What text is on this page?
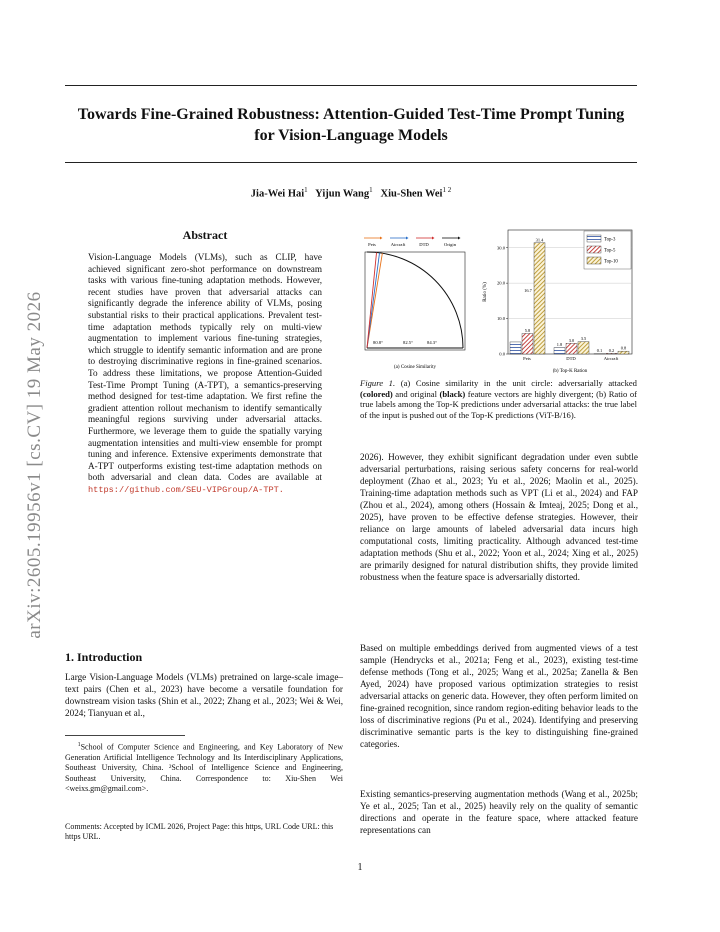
Towards Fine-Grained Robustness: Attention-Guided Test-Time Prompt Tuning
for Vision-Language Models
Jia-Wei Hai$^1$ Yijun Wang$^1$ Xiu-Shen Wei$^{1 2}$
arXiv:2605.19956v1 [cs.CV] 19 May 2026
Abstract
Vision-Language Models (VLMs), such as CLIP, have achieved significant zero-shot performance on downstream tasks with various fine-tuning adaptation methods. However, recent studies have proven that adversarial attacks can significantly degrade the inference ability of VLMs, posing substantial risks to their practical applications. Prevalent test-time adaptation methods typically rely on multi-view augmentation to implement various fine-tuning strategies, which struggle to identify semantic information and are prone to destroying discriminative regions in fine-grained scenarios. To address these limitations, we propose Attention-Guided Test-Time Prompt Tuning (A-TPT), a semantics-preserving method designed for test-time adaptation. We first refine the gradient attention rollout mechanism to identify semantically meaningful regions surviving under adversarial attacks. Furthermore, we leverage them to guide the spatially varying augmentation intensities and multi-view ensemble for prompt tuning and inference. Extensive experiments demonstrate that A-TPT outperforms existing test-time adaptation methods on both adversarial and clean data. Codes are available at https://github.com/SEU-VIPGroup/A-TPT.
1. Introduction
Large Vision-Language Models (VLMs) pretrained on large-scale image–text pairs (Chen et al., 2023) have become a versatile foundation for downstream vision tasks (Shin et al., 2022; Zhang et al., 2023; Wei & Wei, 2024; Tianyuan et al.,
$^1$School of Computer Science and Engineering, and Key Laboratory of New Generation Artificial Intelligence Technology and Its Interdisciplinary Applications, Southeast University, China. ²School of Intelligence Science and Engineering, Southeast University, China. Correspondence to: Xiu-Shen Wei <weixs.gm@gmail.com>.
Comments: Accepted by ICML 2026, Project Page: this https, URL Code URL: this https URL.
Pets	Aircraft	DTD	Origin
80.8°	82.5°	84.3°
(a) Cosine Similarity
0.0
10.0
20.0
30.0
5.8
31.4
Pets
1.8
3.0 3.5
DTD
0.1 0.2 0.8
Aircraft
16.7
Top-3
Top-5
Top-10
Ratio (%)
(b) Top-K Ration
Figure 1. (a) Cosine similarity in the unit circle: adversarially attacked (colored) and original (black) feature vectors are highly divergent; (b) Ratio of true labels among the Top-K predictions under adversarial attacks: the true label of the input is pushed out of the Top-K predictions (ViT-B/16).
2026). However, they exhibit significant degradation under even subtle adversarial perturbations, raising serious safety concerns for real-world deployment (Zhao et al., 2023; Yu et al., 2026; Maolin et al., 2025). Training-time adaptation methods such as VPT (Li et al., 2024) and FAP (Zhou et al., 2024), among others (Hossain & Imteaj, 2025; Dong et al., 2025), have proven to be effective defense strategies. However, their reliance on large amounts of labeled adversarial data incurs high computational costs, limiting practicality. Although advanced test-time adaptation methods (Shu et al., 2022; Yoon et al., 2024; Xing et al., 2025) are primarily designed for natural distribution shifts, they provide limited robustness when the feature space is adversarially distorted.
Based on multiple embeddings derived from augmented views of a test sample (Hendrycks et al., 2021a; Feng et al., 2023), existing test-time defense methods (Tong et al., 2025; Wang et al., 2025a; Zanella & Ben Ayed, 2024) have proposed various optimization strategies to resist adversarial attacks on generic data. However, they often perform limited on fine-grained recognition, since random region-editing behavior leads to the loss of discriminative regions (Pu et al., 2024). Identifying and preserving discriminative semantic parts is the key to distinguishing fine-grained categories.
Existing semantics-preserving augmentation methods (Wang et al., 2025b; Ye et al., 2025; Tan et al., 2025) heavily rely on the quality of semantic directions and operate in the feature space, where attacked feature representations can
1
